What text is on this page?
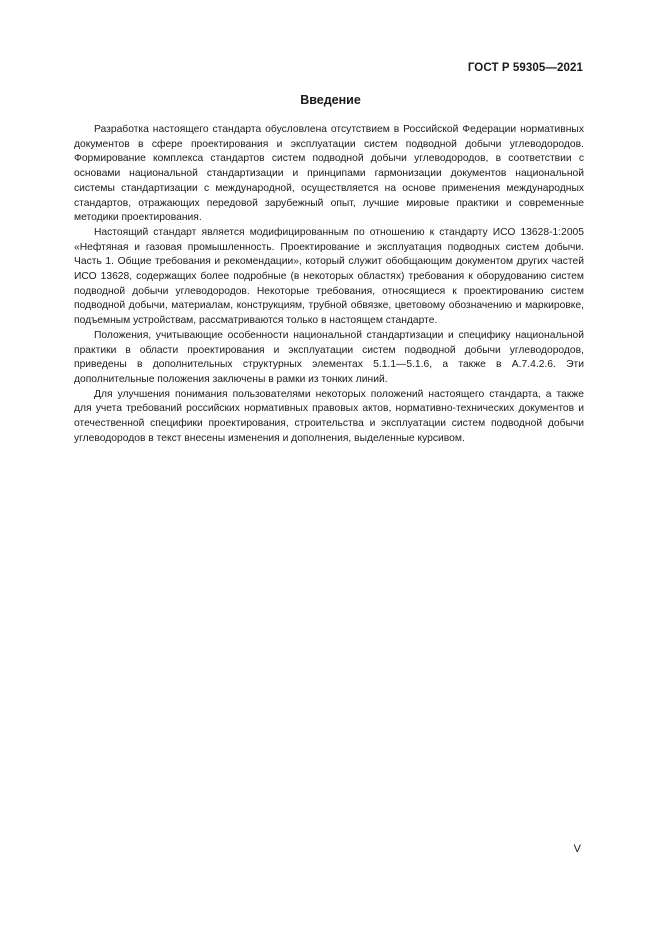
ГОСТ Р 59305—2021
Введение

Разработка настоящего стандарта обусловлена отсутствием в Российской Федерации нормативных документов в сфере проектирования и эксплуатации систем подводной добычи углеводородов. Формирование комплекса стандартов систем подводной добычи углеводородов, в соответствии с основами национальной стандартизации и принципами гармонизации документов национальной системы стандартизации с международной, осуществляется на основе применения международных стандартов, отражающих передовой зарубежный опыт, лучшие мировые практики и современные методики проектирования.

Настоящий стандарт является модифицированным по отношению к стандарту ИСО 13628-1:2005 «Нефтяная и газовая промышленность. Проектирование и эксплуатация подводных систем добычи. Часть 1. Общие требования и рекомендации», который служит обобщающим документом других частей ИСО 13628, содержащих более подробные (в некоторых областях) требования к оборудованию систем подводной добычи углеводородов. Некоторые требования, относящиеся к проектированию систем подводной добычи, материалам, конструкциям, трубной обвязке, цветовому обозначению и маркировке, подъемным устройствам, рассматриваются только в настоящем стандарте.

Положения, учитывающие особенности национальной стандартизации и специфику национальной практики в области проектирования и эксплуатации систем подводной добычи углеводородов, приведены в дополнительных структурных элементах 5.1.1—5.1.6, а также в А.7.4.2.6. Эти дополнительные положения заключены в рамки из тонких линий.

Для улучшения понимания пользователями некоторых положений настоящего стандарта, а также для учета требований российских нормативных правовых актов, нормативно-технических документов и отечественной специфики проектирования, строительства и эксплуатации систем подводной добычи углеводородов в текст внесены изменения и дополнения, выделенные курсивом.

V
